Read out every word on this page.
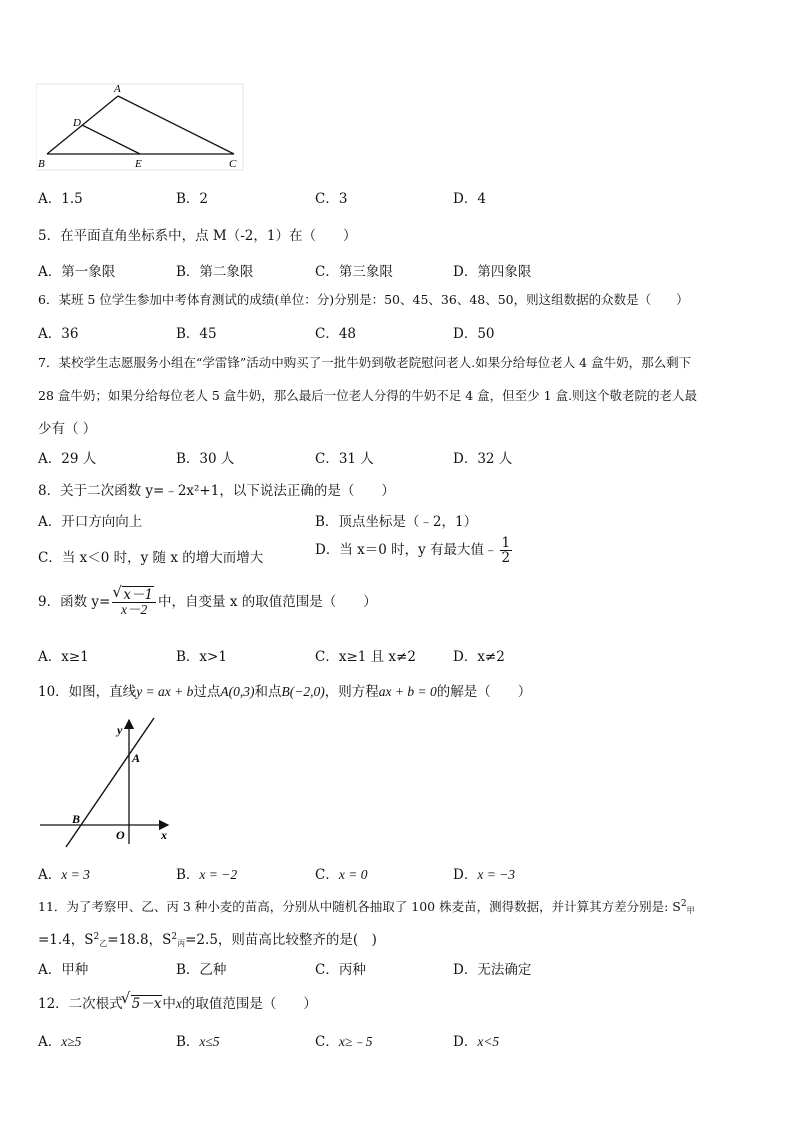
A
D
B	E	C
A．1.5	B．2	C．3	D．4
5．在平面直角坐标系中，点 M（-2，1）在（　　）
A．第一象限	B．第二象限	C．第三象限	D．第四象限
6．某班 5 位学生参加中考体育测试的成绩(单位：分)分别是：50、45、36、48、50，则这组数据的众数是（　　）
A．36	B．45	C．48	D．50
7．某校学生志愿服务小组在“学雷锋”活动中购买了一批牛奶到敬老院慰问老人.如果分给每位老人 4 盒牛奶，那么剩下
28 盒牛奶；如果分给每位老人 5 盒牛奶，那么最后一位老人分得的牛奶不足 4 盒，但至少 1 盒.则这个敬老院的老人最
少有（ ）
A．29 人	B．30 人	C．31 人	D．32 人
8．关于二次函数 y=﹣2x²+1，以下说法正确的是（　　）
A．开口方向向上	B．顶点坐标是（﹣2，1）
C．当 x＜0 时，y 随 x 的增大而增大	D．当 x＝0 时，y 有最大值﹣ $\frac{1}{2}$
9．函数 $y= \frac{√ x-1}{x-2}$ 中，自变量 x 的取值范围是（　　）
A．x≥1	B．x>1	C．x≥1 且 x≠2	D．x≠2
10．如图，直线y = ax + b过点A(0,3)和点B(−2,0)，则方程ax + b = 0的解是（　　）
y
A
B
O	x
A．x = 3	B．x = −2	C．x = 0	D．x = −3
11．为了考察甲、乙、丙 3 种小麦的苗高，分别从中随机各抽取了 100 株麦苗，测得数据，并计算其方差分别是: $S^2_甲$
=1.4，$S^2_乙=18.8$，$S^2_丙=2.5$，则苗高比较整齐的是(　)
A．甲种	B．乙种	C．丙种	D．无法确定
12．二次根式
√ 5－x中x的取值范围是（　　）
A．x≥5	B．x≤5	C．x≥﹣5	D．x<5
